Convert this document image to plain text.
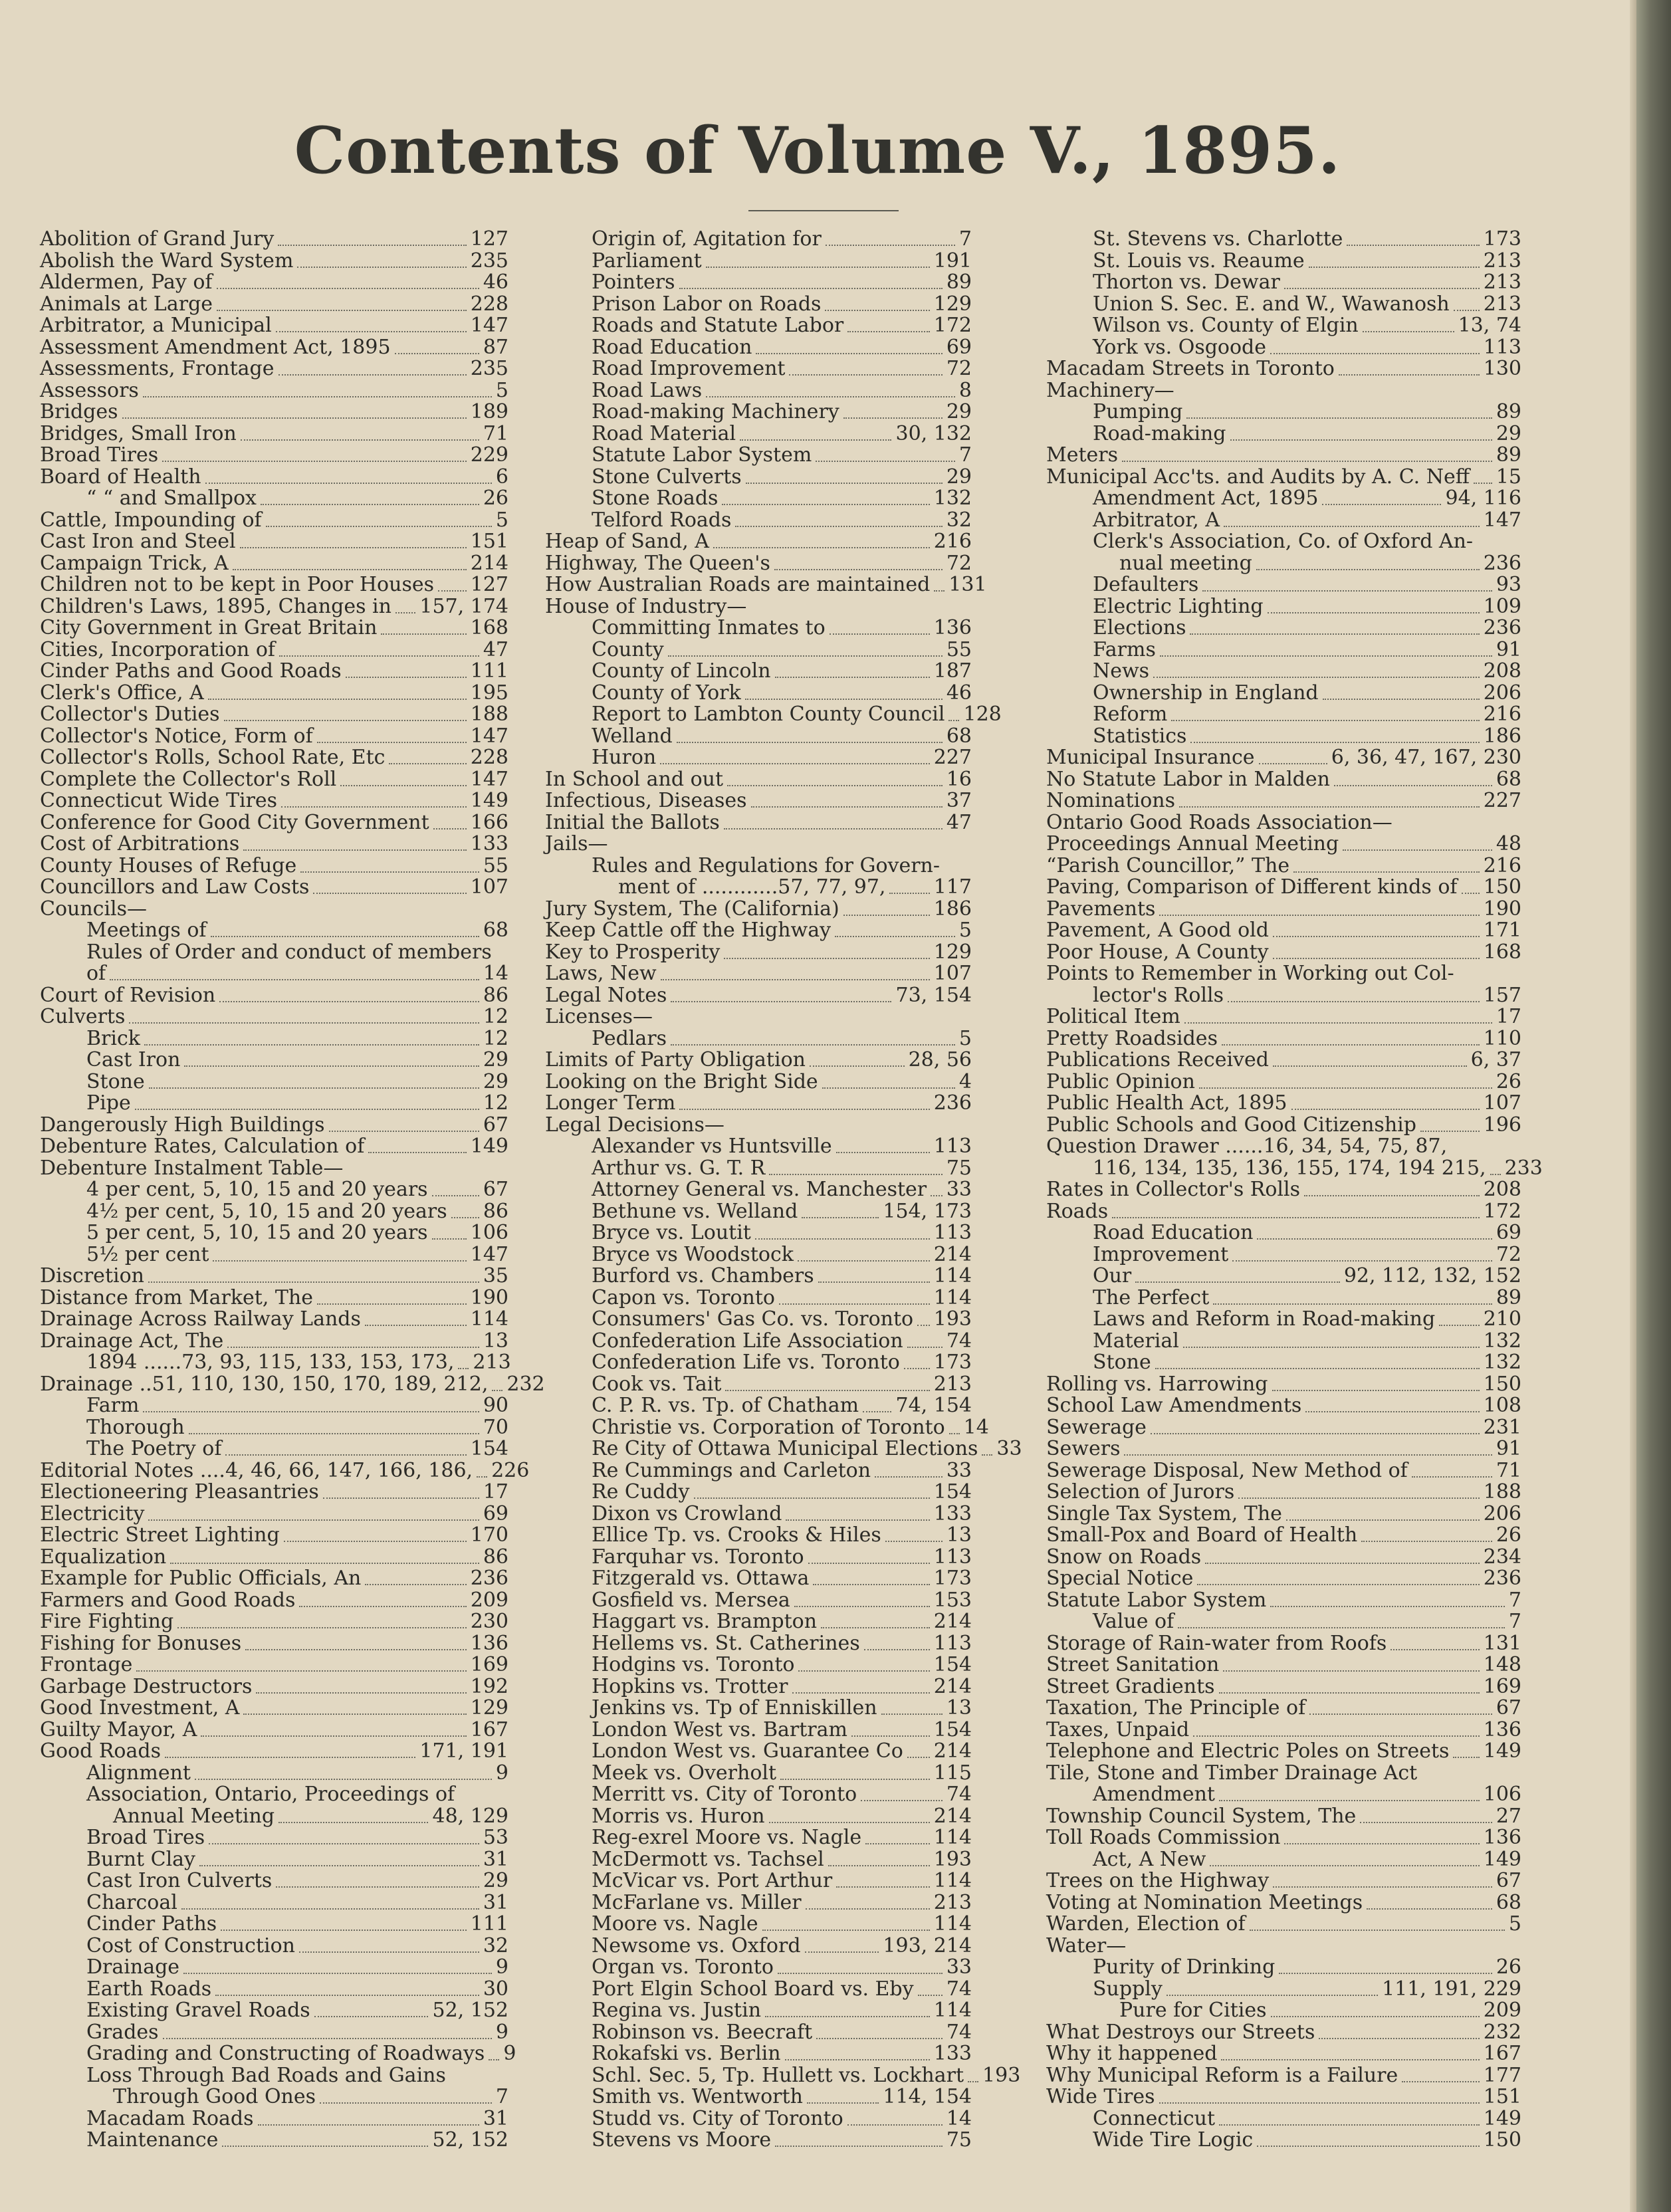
Contents of Volume V., 1895.
Abolition of Grand Jury	127
Abolish the Ward System	235
Aldermen, Pay of	46
Animals at Large	228
Arbitrator, a Municipal	147
Assessment Amendment Act, 1895	87
Assessments, Frontage	235
Assessors	5
Bridges	189
Bridges, Small Iron	71
Broad Tires	229
Board of Health	6
“ “ and Smallpox	26
Cattle, Impounding of	5
Cast Iron and Steel	151
Campaign Trick, A	214
Children not to be kept in Poor Houses 127
Children's Laws, 1895, Changes in 157, 174
City Government in Great Britain	168
Cities, Incorporation of	47
Cinder Paths and Good Roads	111
Clerk's Office, A	195
Collector's Duties	188
Collector's Notice, Form of	147
Collector's Rolls, School Rate, Etc	228
Complete the Collector's Roll	147
Connecticut Wide Tires	149
Conference for Good City Government 166
Cost of Arbitrations	133
County Houses of Refuge	55
Councillors and Law Costs	107
Councils—
Meetings of	68
Rules of Order and conduct of members
of	14
Court of Revision	86
Culverts	12
Brick	12
Cast Iron	29
Stone	29
Pipe	12
Dangerously High Buildings	67
Debenture Rates, Calculation of	149
Debenture Instalment Table—
4 per cent, 5, 10, 15 and 20 years	67
4½ per cent, 5, 10, 15 and 20 years 86
5 per cent, 5, 10, 15 and 20 years 106
5½ per cent	147
Discretion	35
Distance from Market, The	190
Drainage Across Railway Lands	114
Drainage Act, The	13
1894 ......73, 93, 115, 133, 153, 173, 213
Drainage ..51, 110, 130, 150, 170, 189, 212, 232
Farm	90
Thorough	70
The Poetry of	154
Editorial Notes ....4, 46, 66, 147, 166, 186, 226
Electioneering Pleasantries	17
Electricity	69
Electric Street Lighting	170
Equalization	86
Example for Public Officials, An	236
Farmers and Good Roads	209
Fire Fighting	230
Fishing for Bonuses	136
Frontage	169
Garbage Destructors	192
Good Investment, A	129
Guilty Mayor, A	167
Good Roads	171, 191
Alignment	9
Association, Ontario, Proceedings of
Annual Meeting	48, 129
Broad Tires	53
Burnt Clay	31
Cast Iron Culverts	29
Charcoal	31
Cinder Paths	111
Cost of Construction	32
Drainage	9
Earth Roads	30
Existing Gravel Roads	52, 152
Grades	9
Grading and Constructing of Roadways 9
Loss Through Bad Roads and Gains
Through Good Ones	7
Macadam Roads	31
Maintenance	52, 152
Origin of, Agitation for	7
Parliament	191
Pointers	89
Prison Labor on Roads	129
Roads and Statute Labor	172
Road Education	69
Road Improvement	72
Road Laws	8
Road-making Machinery	29
Road Material	30, 132
Statute Labor System	7
Stone Culverts	29
Stone Roads	132
Telford Roads	32
Heap of Sand, A	216
Highway, The Queen's	72
How Australian Roads are maintained 131
House of Industry—
Committing Inmates to	136
County	55
County of Lincoln	187
County of York	46
Report to Lambton County Council 128
Welland	68
Huron	227
In School and out	16
Infectious, Diseases	37
Initial the Ballots	47
Jails—
Rules and Regulations for Govern-
ment of ............57, 77, 97, 117
Jury System, The (California)	186
Keep Cattle off the Highway	5
Key to Prosperity	129
Laws, New	107
Legal Notes	73, 154
Licenses—
Pedlars	5
Limits of Party Obligation	28, 56
Looking on the Bright Side	4
Longer Term	236
Legal Decisions—
Alexander vs Huntsville	113
Arthur vs. G. T. R	75
Attorney General vs. Manchester 33
Bethune vs. Welland	154, 173
Bryce vs. Loutit	113
Bryce vs Woodstock	214
Burford vs. Chambers	114
Capon vs. Toronto	114
Consumers' Gas Co. vs. Toronto 193
Confederation Life Association 74
Confederation Life vs. Toronto 173
Cook vs. Tait	213
C. P. R. vs. Tp. of Chatham 74, 154
Christie vs. Corporation of Toronto 14
Re City of Ottawa Municipal Elections 33
Re Cummings and Carleton	33
Re Cuddy	154
Dixon vs Crowland	133
Ellice Tp. vs. Crooks & Hiles	13
Farquhar vs. Toronto	113
Fitzgerald vs. Ottawa	173
Gosfield vs. Mersea	153
Haggart vs. Brampton	214
Hellems vs. St. Catherines	113
Hodgins vs. Toronto	154
Hopkins vs. Trotter	214
Jenkins vs. Tp of Enniskillen	13
London West vs. Bartram	154
London West vs. Guarantee Co 214
Meek vs. Overholt	115
Merritt vs. City of Toronto	74
Morris vs. Huron	214
Reg-exrel Moore vs. Nagle	114
McDermott vs. Tachsel	193
McVicar vs. Port Arthur	114
McFarlane vs. Miller	213
Moore vs. Nagle	114
Newsome vs. Oxford	193, 214
Organ vs. Toronto	33
Port Elgin School Board vs. Eby 74
Regina vs. Justin	114
Robinson vs. Beecraft	74
Rokafski vs. Berlin	133
Schl. Sec. 5, Tp. Hullett vs. Lockhart 193
Smith vs. Wentworth	114, 154
Studd vs. City of Toronto	14
Stevens vs Moore	75
St. Stevens vs. Charlotte	173
St. Louis vs. Reaume	213
Thorton vs. Dewar	213
Union S. Sec. E. and W., Wawanosh 213
Wilson vs. County of Elgin	13, 74
York vs. Osgoode	113
Macadam Streets in Toronto	130
Machinery—
Pumping	89
Road-making	29
Meters	89
Municipal Acc'ts. and Audits by A. C. Neff 15
Amendment Act, 1895	94, 116
Arbitrator, A	147
Clerk's Association, Co. of Oxford An-
nual meeting	236
Defaulters	93
Electric Lighting	109
Elections	236
Farms	91
News	208
Ownership in England	206
Reform	216
Statistics	186
Municipal Insurance	6, 36, 47, 167, 230
No Statute Labor in Malden	68
Nominations	227
Ontario Good Roads Association—
Proceedings Annual Meeting	48
“Parish Councillor,” The	216
Paving, Comparison of Different kinds of 150
Pavements	190
Pavement, A Good old	171
Poor House, A County	168
Points to Remember in Working out Col-
lector's Rolls	157
Political Item	17
Pretty Roadsides	110
Publications Received	6, 37
Public Opinion	26
Public Health Act, 1895	107
Public Schools and Good Citizenship	196
Question Drawer ......16, 34, 54, 75, 87,
116, 134, 135, 136, 155, 174, 194 215, 233
Rates in Collector's Rolls	208
Roads	172
Road Education	69
Improvement	72
Our	92, 112, 132, 152
The Perfect	89
Laws and Reform in Road-making 210
Material	132
Stone	132
Rolling vs. Harrowing	150
School Law Amendments	108
Sewerage	231
Sewers	91
Sewerage Disposal, New Method of	71
Selection of Jurors	188
Single Tax System, The	206
Small-Pox and Board of Health	26
Snow on Roads	234
Special Notice	236
Statute Labor System	7
Value of	7
Storage of Rain-water from Roofs	131
Street Sanitation	148
Street Gradients	169
Taxation, The Principle of	67
Taxes, Unpaid	136
Telephone and Electric Poles on Streets 149
Tile, Stone and Timber Drainage Act
Amendment	106
Township Council System, The	27
Toll Roads Commission	136
Act, A New	149
Trees on the Highway	67
Voting at Nomination Meetings	68
Warden, Election of	5
Water—
Purity of Drinking	26
Supply	111, 191, 229
Pure for Cities	209
What Destroys our Streets	232
Why it happened	167
Why Municipal Reform is a Failure	177
Wide Tires	151
Connecticut	149
Wide Tire Logic	150
